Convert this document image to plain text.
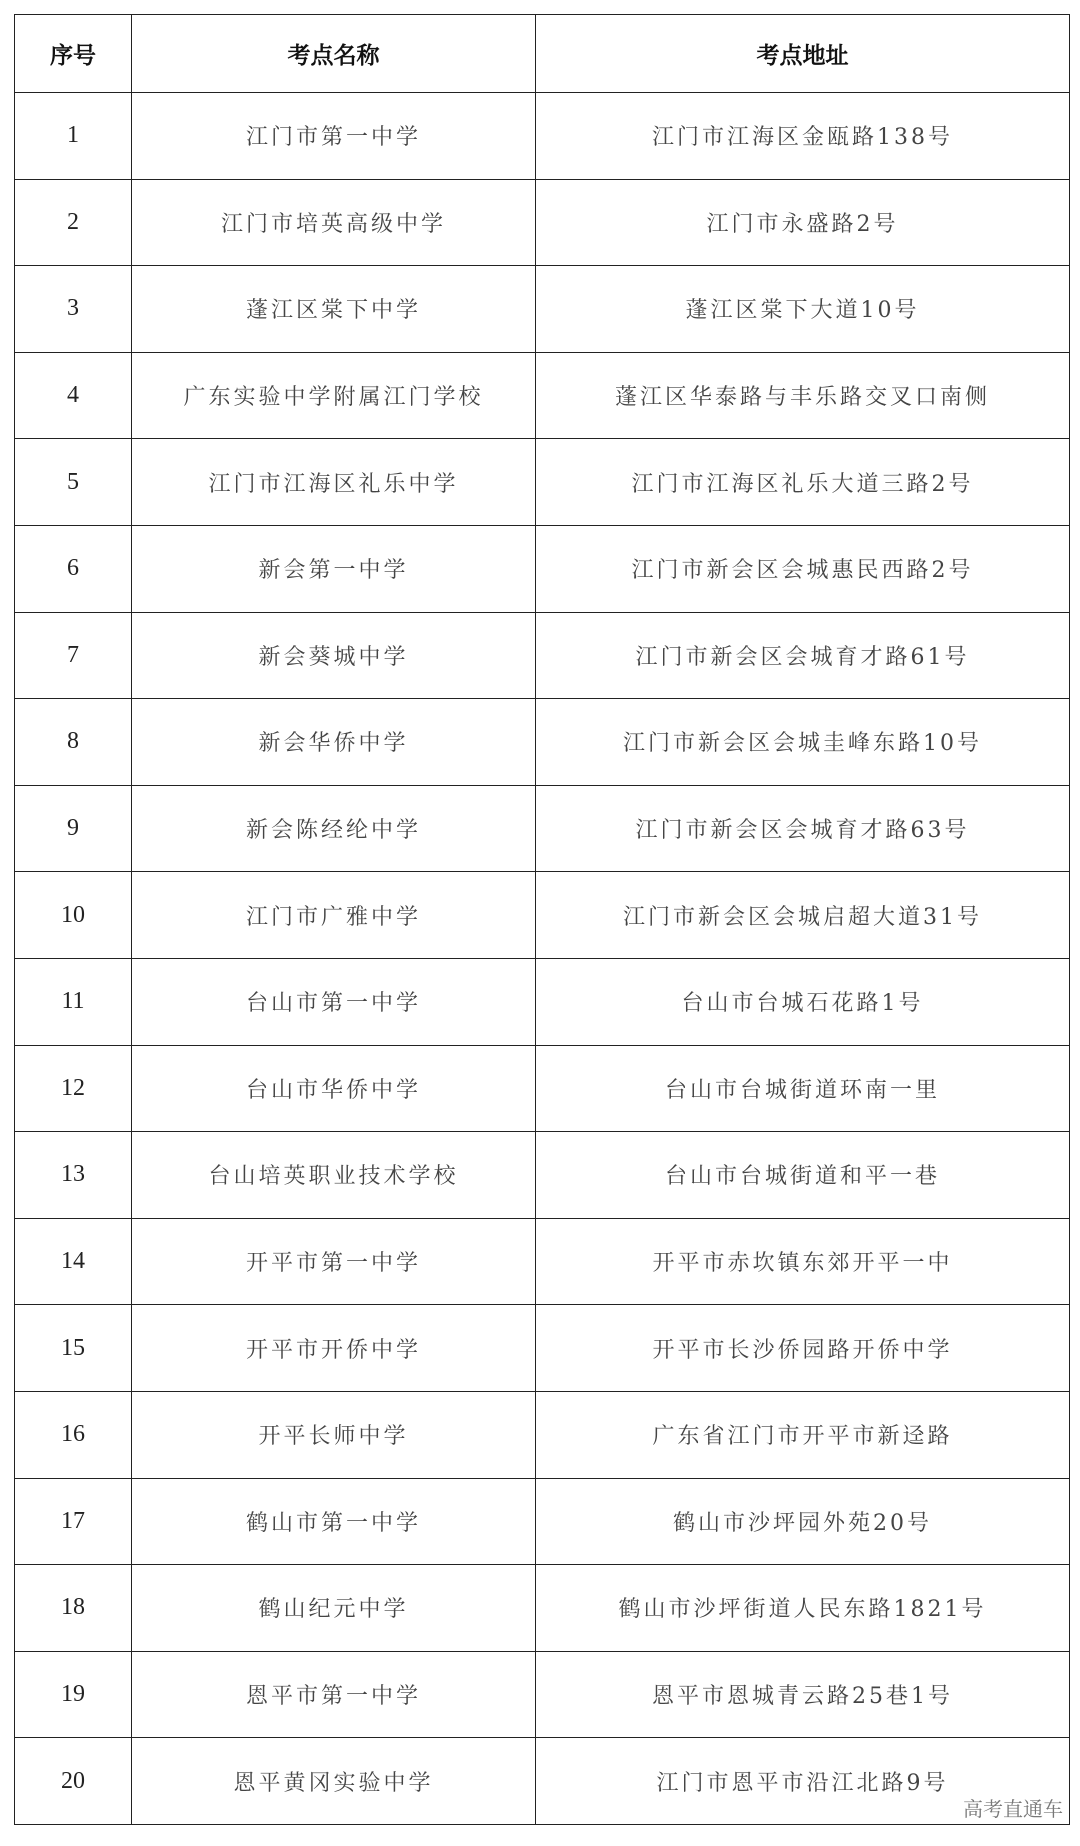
序号	考点名称	考点地址
1	江门市第一中学	江门市江海区金瓯路138号
2	江门市培英高级中学	江门市永盛路2号
3	蓬江区棠下中学	蓬江区棠下大道10号
4	广东实验中学附属江门学校	蓬江区华泰路与丰乐路交叉口南侧
5	江门市江海区礼乐中学	江门市江海区礼乐大道三路2号
6	新会第一中学	江门市新会区会城惠民西路2号
7	新会葵城中学	江门市新会区会城育才路61号
8	新会华侨中学	江门市新会区会城圭峰东路10号
9	新会陈经纶中学	江门市新会区会城育才路63号
10	江门市广雅中学	江门市新会区会城启超大道31号
11	台山市第一中学	台山市台城石花路1号
12	台山市华侨中学	台山市台城街道环南一里
13	台山培英职业技术学校	台山市台城街道和平一巷
14	开平市第一中学	开平市赤坎镇东郊开平一中
15	开平市开侨中学	开平市长沙侨园路开侨中学
16	开平长师中学	广东省江门市开平市新迳路
17	鹤山市第一中学	鹤山市沙坪园外苑20号
18	鹤山纪元中学	鹤山市沙坪街道人民东路1821号
19	恩平市第一中学	恩平市恩城青云路25巷1号
20	恩平黄冈实验中学	江门市恩平市沿江北路9号
高考直通车
